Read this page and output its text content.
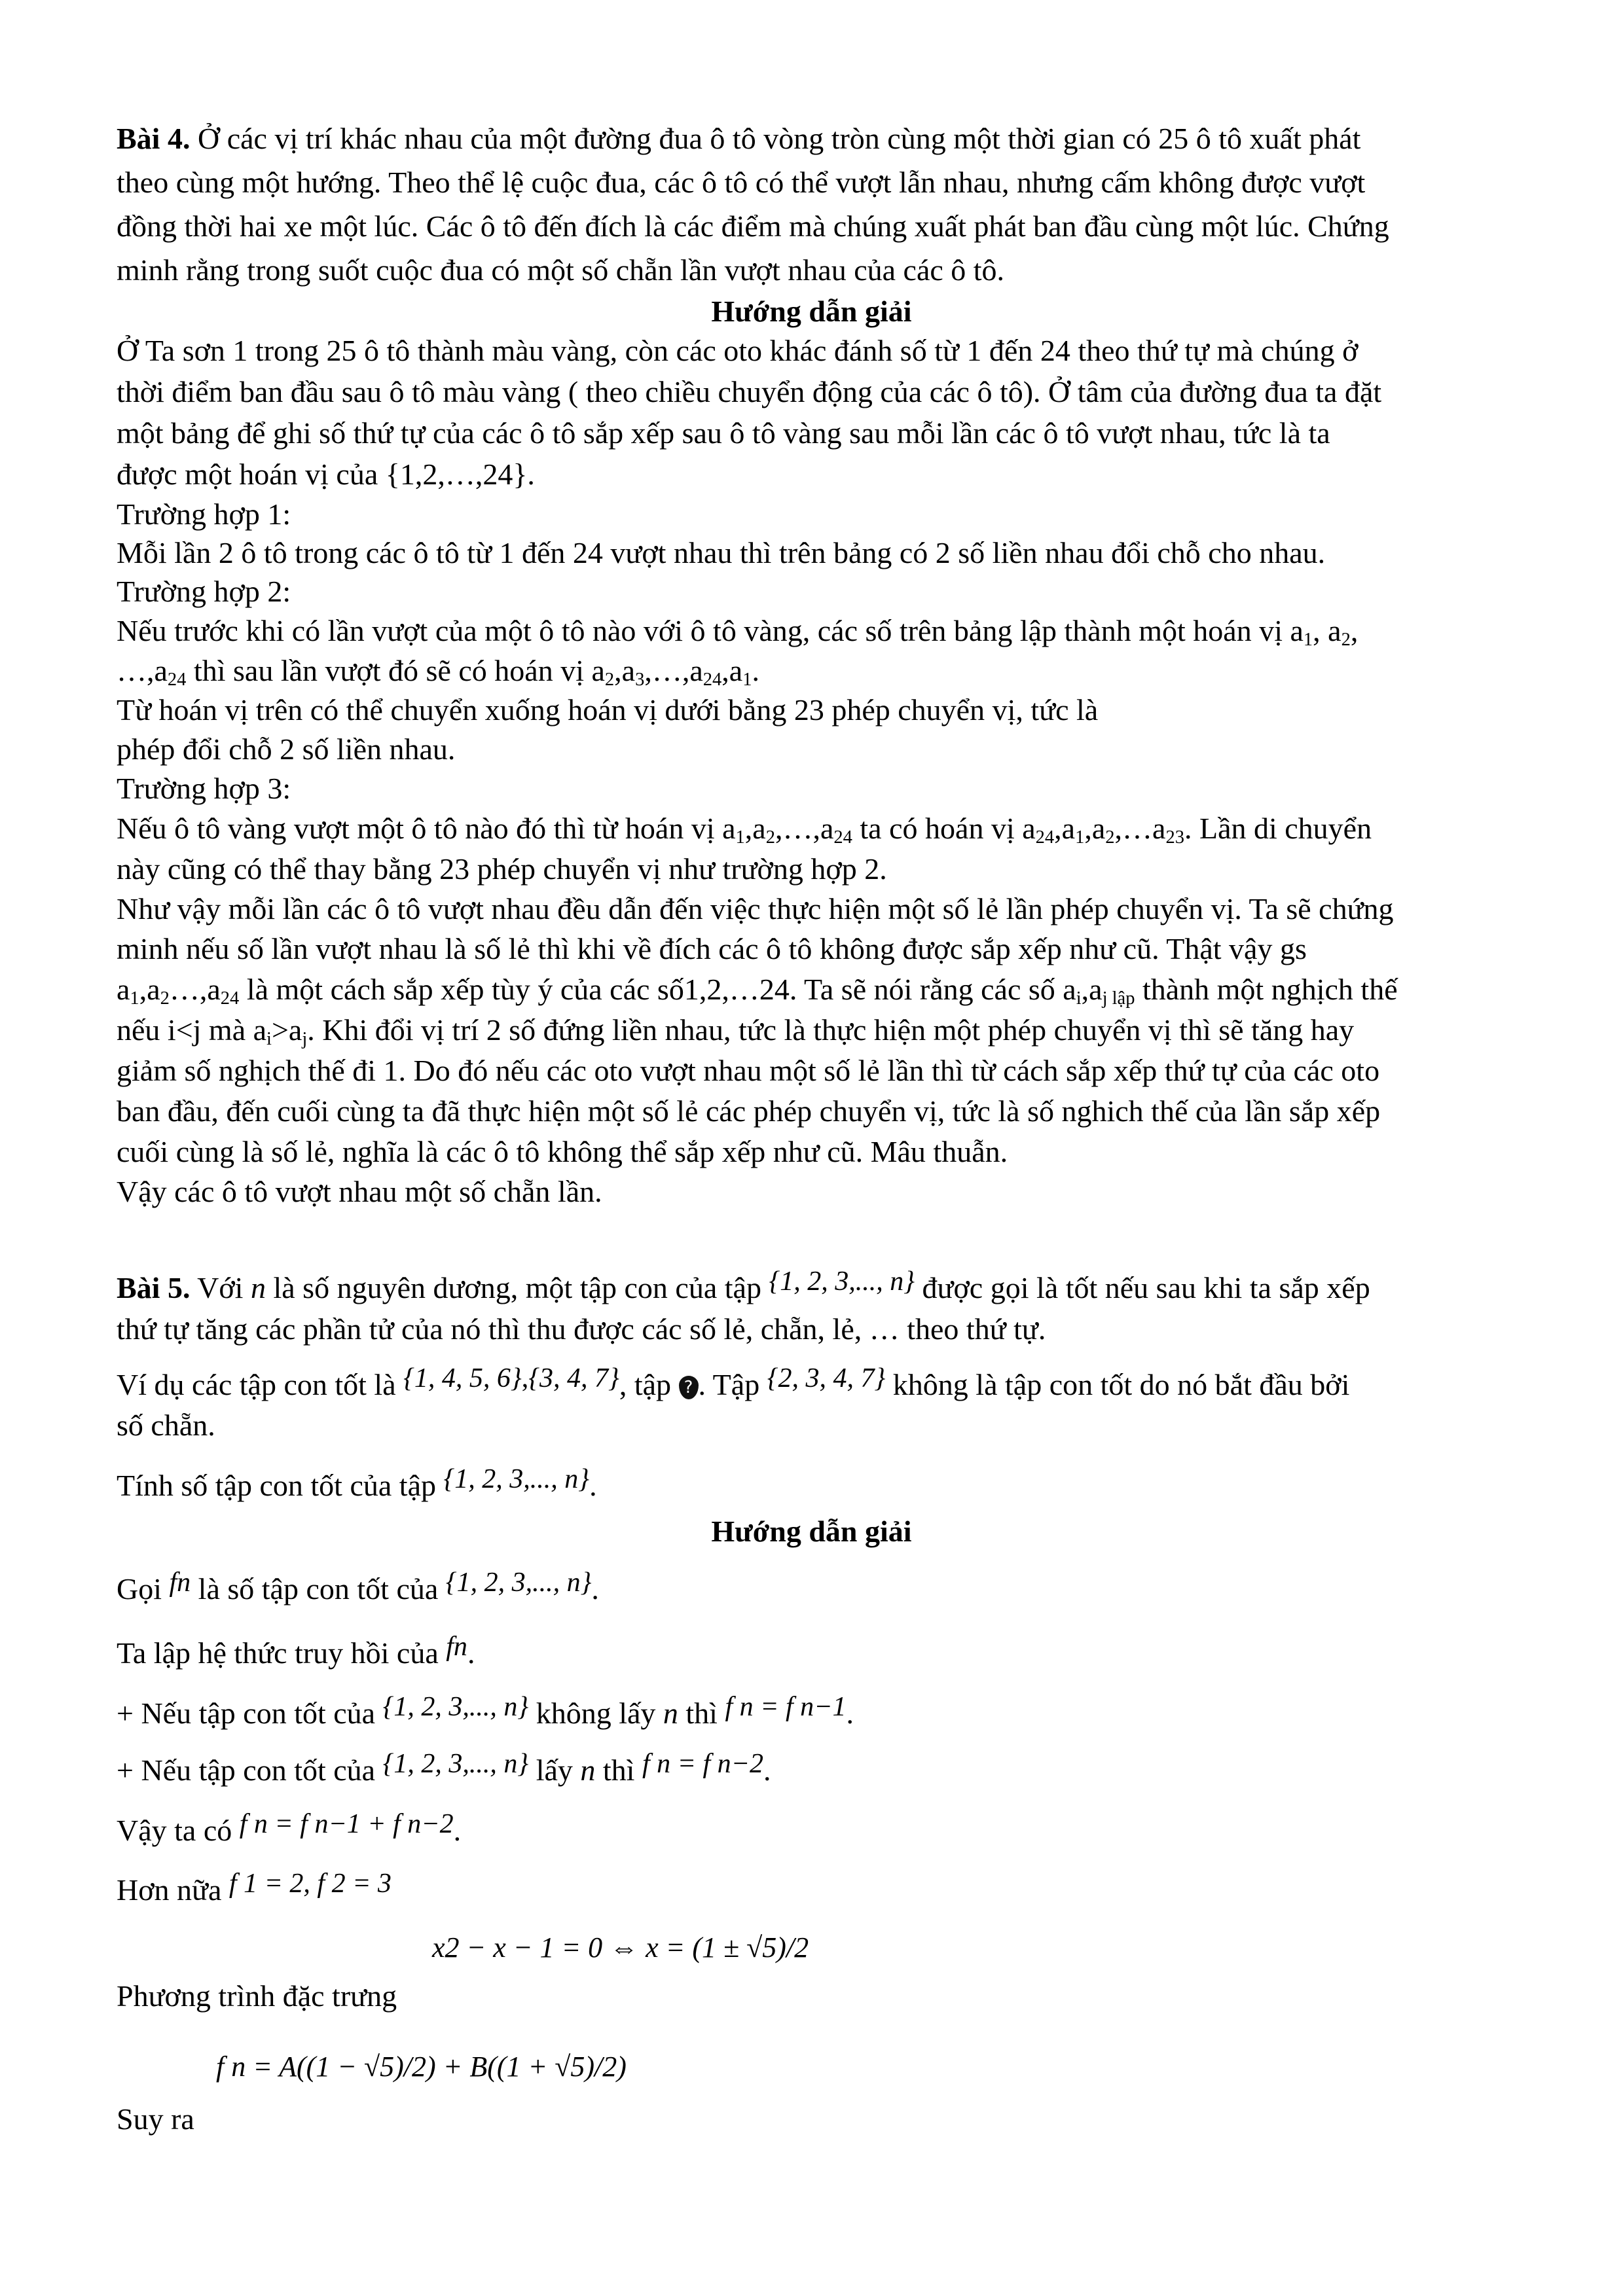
Bài 4. Ở các vị trí khác nhau của một đường đua ô tô vòng tròn cùng một thời gian có 25 ô tô xuất phát
theo cùng một hướng. Theo thể lệ cuộc đua, các ô tô có thể vượt lẫn nhau, nhưng cấm không được vượt
đồng thời hai xe một lúc. Các ô tô đến đích là các điểm mà chúng xuất phát ban đầu cùng một lúc. Chứng
minh rằng trong suốt cuộc đua có một số chẵn lần vượt nhau của các ô tô.
Hướng dẫn giải
Ở Ta sơn 1 trong 25 ô tô thành màu vàng, còn các oto khác đánh số từ 1 đến 24 theo thứ tự mà chúng ở
thời điểm ban đầu sau ô tô màu vàng ( theo chiều chuyển động của các ô tô). Ở tâm của đường đua ta đặt
một bảng để ghi số thứ tự của các ô tô sắp xếp sau ô tô vàng sau mỗi lần các ô tô vượt nhau, tức là ta
được một hoán vị của {1,2,…,24}.
Trường hợp 1:
Mỗi lần 2 ô tô trong các ô tô từ 1 đến 24 vượt nhau thì trên bảng có 2 số liền nhau đổi chỗ cho nhau.
Trường hợp 2:
Nếu trước khi có lần vượt của một ô tô nào với ô tô vàng, các số trên bảng lập thành một hoán vị $a_1$, $a_2$,
$\dots,a_{24}$ thì sau lần vượt đó sẽ có hoán vị $a_2,a_3,\dots,a_{24},a_1$.
Từ hoán vị trên có thể chuyển xuống hoán vị dưới bằng 23 phép chuyển vị, tức là
phép đổi chỗ 2 số liền nhau.
Trường hợp 3:
Nếu ô tô vàng vượt một ô tô nào đó thì từ hoán vị $a_1,a_2,\dots,a_{24}$ ta có hoán vị $a_{24},a_1,a_2,\dots a_{23}$. Lần di chuyển
này cũng có thể thay bằng 23 phép chuyển vị như trường hợp 2.
Như vậy mỗi lần các ô tô vượt nhau đều dẫn đến việc thực hiện một số lẻ lần phép chuyển vị. Ta sẽ chứng
minh nếu số lần vượt nhau là số lẻ thì khi về đích các ô tô không được sắp xếp như cũ. Thật vậy gs
$a_1,a_2\dots,a_{24}$ là một cách sắp xếp tùy ý của các số1,2,…24. Ta sẽ nói rằng các số $a_i,a_{j lập}$ thành một nghịch thế
nếu i<j mà $a_i>a_j$. Khi đổi vị trí 2 số đứng liền nhau, tức là thực hiện một phép chuyển vị thì sẽ tăng hay
giảm số nghịch thế đi 1. Do đó nếu các oto vượt nhau một số lẻ lần thì từ cách sắp xếp thứ tự của các oto
ban đầu, đến cuối cùng ta đã thực hiện một số lẻ các phép chuyển vị, tức là số nghich thế của lần sắp xếp
cuối cùng là số lẻ, nghĩa là các ô tô không thể sắp xếp như cũ. Mâu thuẫn.
Vậy các ô tô vượt nhau một số chẵn lần.
Bài 5. Với n là số nguyên dương, một tập con của tập {1, 2, 3,..., n} được gọi là tốt nếu sau khi ta sắp xếp
thứ tự tăng các phần tử của nó thì thu được các số lẻ, chẵn, lẻ, … theo thứ tự.
Ví dụ các tập con tốt là {1, 4, 5, 6},{3, 4, 7}, tập ? . Tập {2, 3, 4, 7} không là tập con tốt do nó bắt đầu bởi
số chẵn.
Tính số tập con tốt của tập {1, 2, 3,..., n}.
Hướng dẫn giải
Gọi fn là số tập con tốt của {1, 2, 3,..., n}.
Ta lập hệ thức truy hồi của fn.
+ Nếu tập con tốt của {1, 2, 3,..., n} không lấy n thì f n = f n−1.
+ Nếu tập con tốt của {1, 2, 3,..., n} lấy n thì f n = f n−2.
Vậy ta có f n = f n−1 + f n−2.
Hơn nữa f 1 = 2, f 2 = 3
x2 − x − 1 = 0 ⇔ x = (1 ± √5)/2
Phương trình đặc trưng
f n = A((1 − √5)/2) + B((1 + √5)/2)
Suy ra
